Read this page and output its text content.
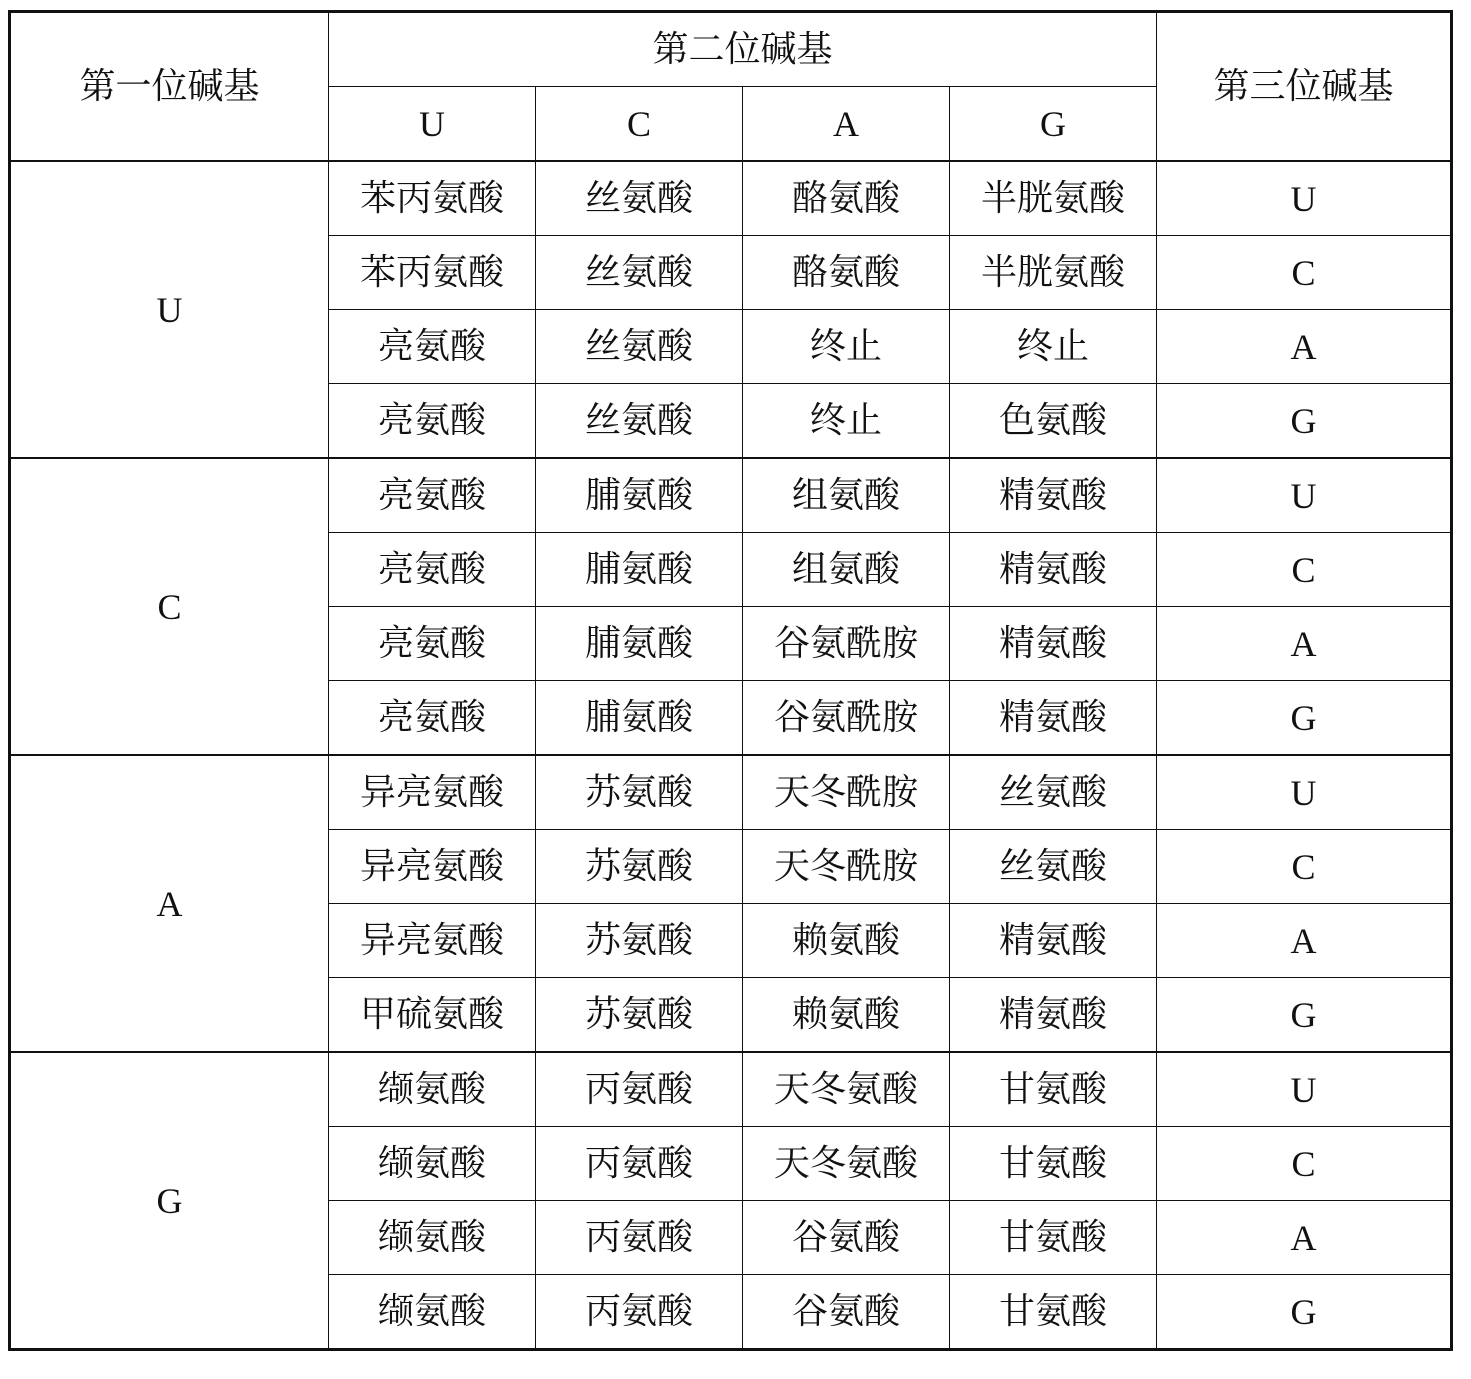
第一位碱基	第二位碱基				第三位碱基
	U	C	A	G	
U	苯丙氨酸	丝氨酸	酪氨酸	半胱氨酸	U
	苯丙氨酸	丝氨酸	酪氨酸	半胱氨酸	C
	亮氨酸	丝氨酸	终止	终止	A
	亮氨酸	丝氨酸	终止	色氨酸	G
C	亮氨酸	脯氨酸	组氨酸	精氨酸	U
	亮氨酸	脯氨酸	组氨酸	精氨酸	C
	亮氨酸	脯氨酸	谷氨酰胺	精氨酸	A
	亮氨酸	脯氨酸	谷氨酰胺	精氨酸	G
A	异亮氨酸	苏氨酸	天冬酰胺	丝氨酸	U
	异亮氨酸	苏氨酸	天冬酰胺	丝氨酸	C
	异亮氨酸	苏氨酸	赖氨酸	精氨酸	A
	甲硫氨酸	苏氨酸	赖氨酸	精氨酸	G
G	缬氨酸	丙氨酸	天冬氨酸	甘氨酸	U
	缬氨酸	丙氨酸	天冬氨酸	甘氨酸	C
	缬氨酸	丙氨酸	谷氨酸	甘氨酸	A
	缬氨酸	丙氨酸	谷氨酸	甘氨酸	G
